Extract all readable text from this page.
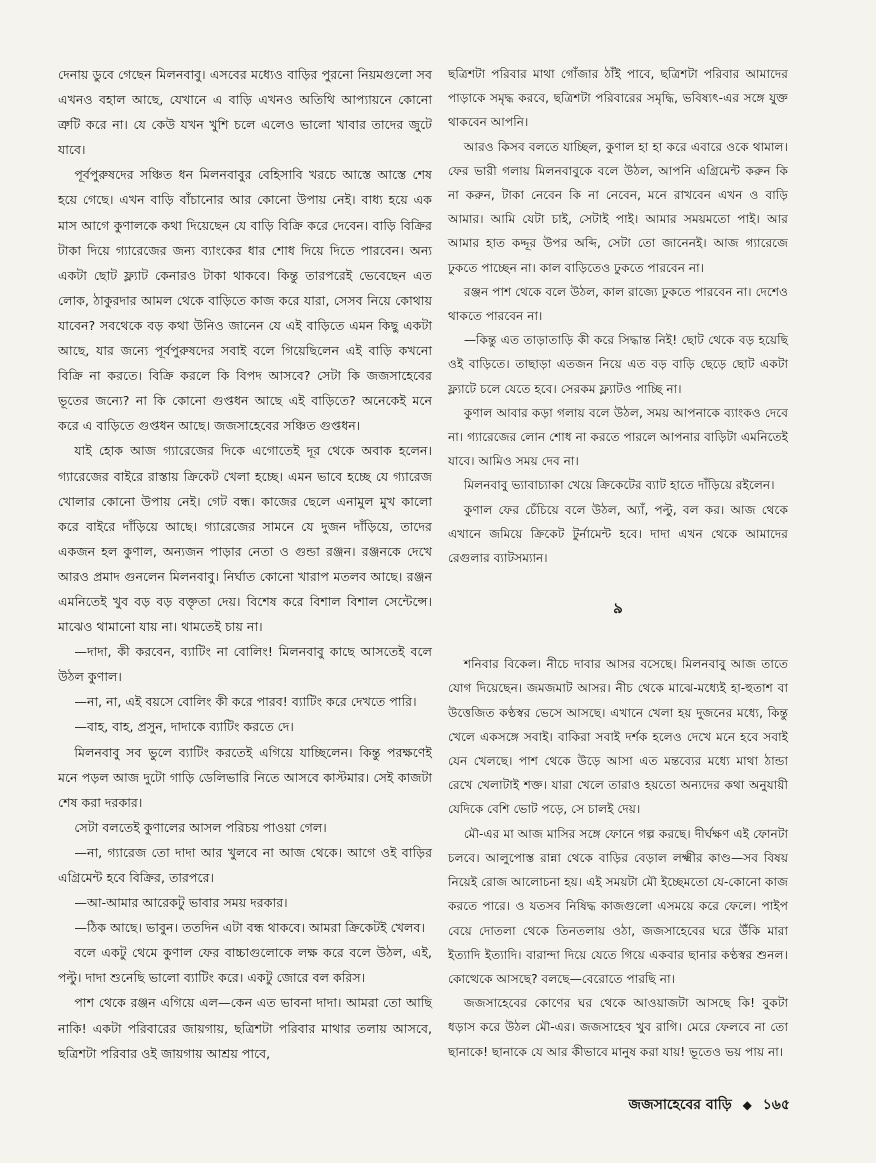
দেনায় ডুবে গেছেন মিলনবাবু। এসবের মধ্যেও বাড়ির পুরনো নিয়মগুলো সব এখনও বহাল আছে, যেখানে এ বাড়ি এখনও অতিথি আপ্যায়নে কোনো ত্রুটি করে না। যে কেউ যখন খুশি চলে এলেও ভালো খাবার তাদের জুটে যাবে।

পূর্বপুরুষদের সঞ্চিত ধন মিলনবাবুর বেহিসাবি খরচে আস্তে আস্তে শেষ হয়ে গেছে। এখন বাড়ি বাঁচানোর আর কোনো উপায় নেই। বাধ্য হয়ে এক মাস আগে কুণালকে কথা দিয়েছেন যে বাড়ি বিক্রি করে দেবেন। বাড়ি বিক্রির টাকা দিয়ে গ্যারেজের জন্য ব্যাংকের ধার শোধ দিয়ে দিতে পারবেন। অন্য একটা ছোট ফ্ল্যাট কেনারও টাকা থাকবে। কিন্তু তারপরেই ভেবেছেন এত লোক, ঠাকুরদার আমল থেকে বাড়িতে কাজ করে যারা, সেসব নিয়ে কোথায় যাবেন? সবথেকে বড় কথা উনিও জানেন যে এই বাড়িতে এমন কিছু একটা আছে, যার জন্যে পূর্বপুরুষদের সবাই বলে গিয়েছিলেন এই বাড়ি কখনো বিক্রি না করতে। বিক্রি করলে কি বিপদ আসবে? সেটা কি জজসাহেবের ভূতের জন্যে? না কি কোনো গুপ্তধন আছে এই বাড়িতে? অনেকেই মনে করে এ বাড়িতে গুপ্তধন আছে। জজসাহেবের সঞ্চিত গুপ্তধন।

যাই হোক আজ গ্যারেজের দিকে এগোতেই দূর থেকে অবাক হলেন। গ্যারেজের বাইরে রাস্তায় ক্রিকেট খেলা হচ্ছে। এমন ভাবে হচ্ছে যে গ্যারেজ খোলার কোনো উপায় নেই। গেট বন্ধ। কাজের ছেলে এনামুল মুখ কালো করে বাইরে দাঁড়িয়ে আছে। গ্যারেজের সামনে যে দুজন দাঁড়িয়ে, তাদের একজন হল কুণাল, অন্যজন পাড়ার নেতা ও গুন্ডা রঞ্জন। রঞ্জনকে দেখে আরও প্রমাদ গুনলেন মিলনবাবু। নির্ঘাত কোনো খারাপ মতলব আছে। রঞ্জন এমনিতেই খুব বড় বড় বক্তৃতা দেয়। বিশেষ করে বিশাল বিশাল সেন্টেন্সে। মাঝেও থামানো যায় না। থামতেই চায় না।

—দাদা, কী করবেন, ব্যাটিং না বোলিং! মিলনবাবু কাছে আসতেই বলে উঠল কুণাল।

—না, না, এই বয়সে বোলিং কী করে পারব! ব্যাটিং করে দেখতে পারি।

—বাহ, বাহ, প্রসুন, দাদাকে ব্যাটিং করতে দে।

মিলনবাবু সব ভুলে ব্যাটিং করতেই এগিয়ে যাচ্ছিলেন। কিন্তু পরক্ষণেই মনে পড়ল আজ দুটো গাড়ি ডেলিভারি নিতে আসবে কাস্টমার। সেই কাজটা শেষ করা দরকার।

সেটা বলতেই কুণালের আসল পরিচয় পাওয়া গেল।

—না, গ্যারেজ তো দাদা আর খুলবে না আজ থেকে। আগে ওই বাড়ির এগ্রিমেন্ট হবে বিক্রির, তারপরে।

—আ-আমার আরেকটু ভাবার সময় দরকার।

—ঠিক আছে। ভাবুন। ততদিন এটা বন্ধ থাকবে। আমরা ক্রিকেটই খেলব।

বলে একটু থেমে কুণাল ফের বাচ্চাগুলোকে লক্ষ করে বলে উঠল, এই, পল্টু। দাদা শুনেছি ভালো ব্যাটিং করে। একটু জোরে বল করিস।

পাশ থেকে রঞ্জন এগিয়ে এল—কেন এত ভাবনা দাদা। আমরা তো আছি নাকি! একটা পরিবারের জায়গায়, ছত্রিশটা পরিবার মাথার তলায় আসবে, ছত্রিশটা পরিবার ওই জায়গায় আশ্রয় পাবে,

ছত্রিশটা পরিবার মাথা গোঁজার ঠাঁই পাবে, ছত্রিশটা পরিবার আমাদের পাড়াকে সমৃদ্ধ করবে, ছত্রিশটা পরিবারের সমৃদ্ধি, ভবিষ্যৎ-এর সঙ্গে যুক্ত থাকবেন আপনি।

আরও কিসব বলতে যাচ্ছিল, কুণাল হা হা করে এবারে ওকে থামাল। ফের ভারী গলায় মিলনবাবুকে বলে উঠল, আপনি এগ্রিমেন্ট করুন কি না করুন, টাকা নেবেন কি না নেবেন, মনে রাখবেন এখন ও বাড়ি আমার। আমি যেটা চাই, সেটাই পাই। আমার সময়মতো পাই। আর আমার হাত কদ্দূর উপর অব্দি, সেটা তো জানেনই। আজ গ্যারেজে ঢুকতে পাচ্ছেন না। কাল বাড়িতেও ঢুকতে পারবেন না।

রঞ্জন পাশ থেকে বলে উঠল, কাল রাজ্যে ঢুকতে পারবেন না। দেশেও থাকতে পারবেন না।

—কিন্তু এত তাড়াতাড়ি কী করে সিদ্ধান্ত নিই! ছোট থেকে বড় হয়েছি ওই বাড়িতে। তাছাড়া এতজন নিয়ে এত বড় বাড়ি ছেড়ে ছোট একটা ফ্ল্যাটে চলে যেতে হবে। সেরকম ফ্ল্যাটও পাচ্ছি না।

কুণাল আবার কড়া গলায় বলে উঠল, সময় আপনাকে ব্যাংকও দেবে না। গ্যারেজের লোন শোধ না করতে পারলে আপনার বাড়িটা এমনিতেই যাবে। আমিও সময় দেব না।

মিলনবাবু ভ্যাবাচ্যাকা খেয়ে ক্রিকেটের ব্যাট হাতে দাঁড়িয়ে রইলেন।

কুণাল ফের চেঁচিয়ে বলে উঠল, অ্যাঁ, পল্টু, বল কর। আজ থেকে এখানে জমিয়ে ক্রিকেট টুর্নামেন্ট হবে। দাদা এখন থেকে আমাদের রেগুলার ব্যাটসম্যান।

৯

শনিবার বিকেল। নীচে দাবার আসর বসেছে। মিলনবাবু আজ তাতে যোগ দিয়েছেন। জমজমাট আসর। নীচ থেকে মাঝে-মধ্যেই হা-হুতাশ বা উত্তেজিত কণ্ঠস্বর ভেসে আসছে। এখানে খেলা হয় দুজনের মধ্যে, কিন্তু খেলে একসঙ্গে সবাই। বাকিরা সবাই দর্শক হলেও দেখে মনে হবে সবাই যেন খেলছে। পাশ থেকে উড়ে আসা এত মন্তব্যের মধ্যে মাথা ঠান্ডা রেখে খেলাটাই শক্ত। যারা খেলে তারাও হয়তো অন্যদের কথা অনুযায়ী যেদিকে বেশি ভোট পড়ে, সে চালই দেয়।

মৌ-এর মা আজ মাসির সঙ্গে ফোনে গল্প করছে। দীর্ঘক্ষণ এই ফোনটা চলবে। আলুপোস্ত রান্না থেকে বাড়ির বেড়াল লক্ষ্মীর কাণ্ড—সব বিষয় নিয়েই রোজ আলোচনা হয়। এই সময়টা মৌ ইচ্ছেমতো যে-কোনো কাজ করতে পারে। ও যতসব নিষিদ্ধ কাজগুলো এসময়ে করে ফেলে। পাইপ বেয়ে দোতলা থেকে তিনতলায় ওঠা, জজসাহেবের ঘরে উঁকি মারা ইত্যাদি ইত্যাদি। বারান্দা দিয়ে যেতে গিয়ে একবার ছানার কণ্ঠস্বর শুনল। কোত্থেকে আসছে? বলছে—বেরোতে পারছি না।

জজসাহেবের কোণের ঘর থেকে আওয়াজটা আসছে কি! বুকটা ধড়াস করে উঠল মৌ-এর। জজসাহেব খুব রাগি। মেরে ফেলবে না তো ছানাকে! ছানাকে যে আর কীভাবে মানুষ করা যায়! ভূতেও ভয় পায় না।

জজসাহেবের বাড়ি ◆ ১৬৫
